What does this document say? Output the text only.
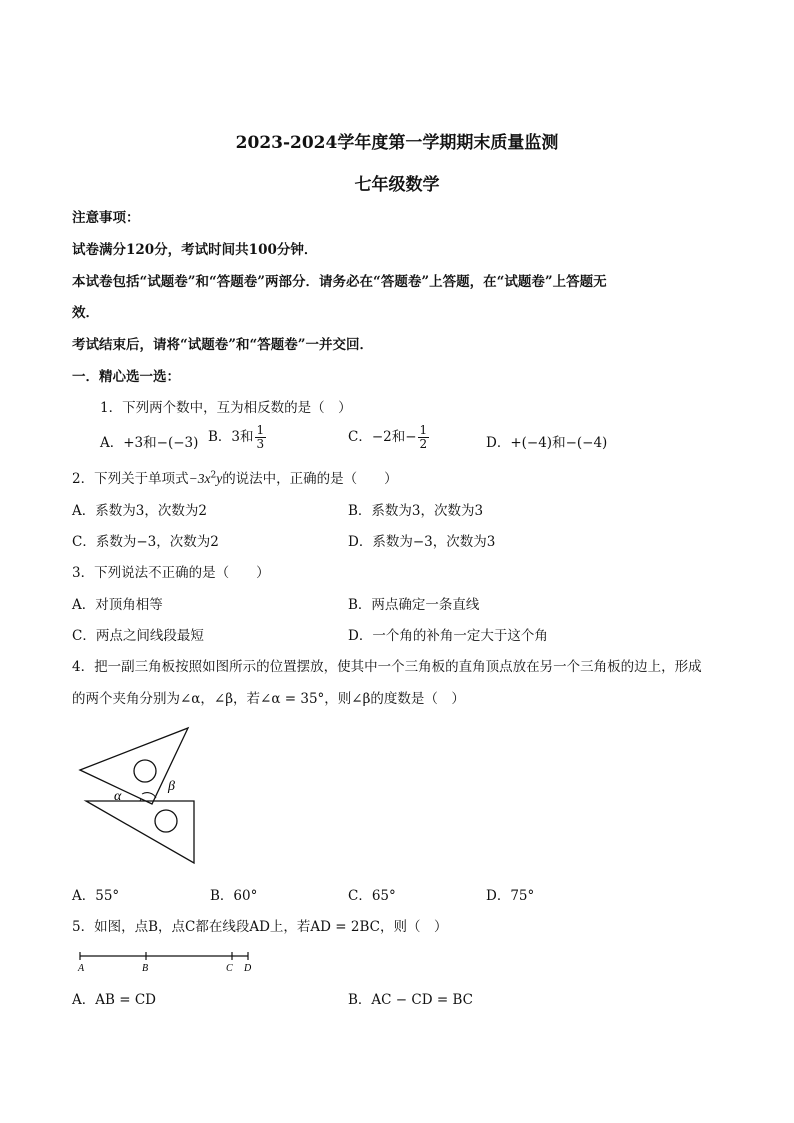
2023-2024学年度第一学期期末质量监测
七年级数学
注意事项：
试卷满分120分，考试时间共100分钟．
本试卷包括“试题卷”和“答题卷”两部分．请务必在“答题卷”上答题，在“试题卷”上答题无
效．
考试结束后，请将“试题卷”和“答题卷”一并交回．
一．精心选一选：
1．下列两个数中，互为相反数的是（　）
A．+3和−(−3) B．3和 $\frac{1}{3}$	C．−2和− $\frac{1}{2}$	D．+(−4)和−(−4)
2．下列关于单项式$-3x^2y$的说法中，正确的是（　　）
A．系数为3，次数为2	B．系数为3，次数为3
C．系数为−3，次数为2	D．系数为−3，次数为3
3．下列说法不正确的是（　　）
A．对顶角相等	B．两点确定一条直线
C．两点之间线段最短	D．一个角的补角一定大于这个角
4．把一副三角板按照如图所示的位置摆放，使其中一个三角板的直角顶点放在另一个三角板的边上，形成
的两个夹角分别为∠α，∠β，若∠α = 35°，则∠β的度数是（　）
α
β
A．55°	B．60°	C．65°	D．75°
5．如图，点B，点C都在线段AD上，若AD = 2BC，则（　）
A	B	C D
A．AB = CD	B．AC − CD = BC
